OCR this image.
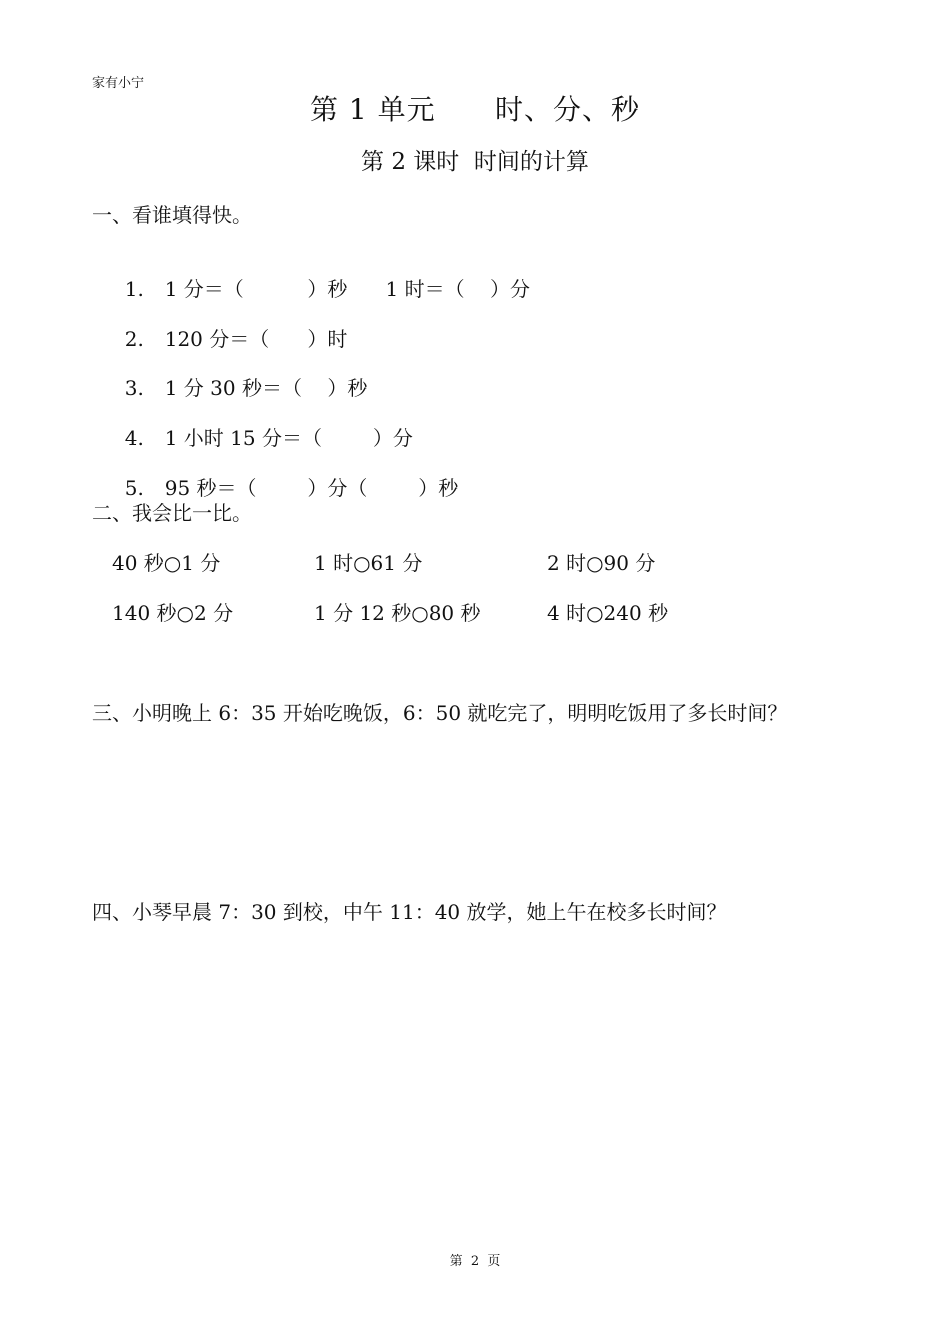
家有小宁
第 1 单元      时、分、秒
第 2 课时  时间的计算
一、看谁填得快。

1. 1 分＝（          ）秒      1 时＝（    ）分

2. 120 分＝（      ）时

3. 1 分 30 秒＝（    ）秒

4. 1 小时 15 分＝（        ）分

5. 95 秒＝（        ）分（        ）秒

二、我会比一比。
40 秒○1 分	1 时○61 分	2 时○90 分
140 秒○2 分	1 分 12 秒○80 秒	4 时○240 秒
三、小明晚上 6：35 开始吃晚饭，6：50 就吃完了，明明吃饭用了多长时间？
四、小琴早晨 7：30 到校，中午 11：40 放学，她上午在校多长时间？
第  2  页
